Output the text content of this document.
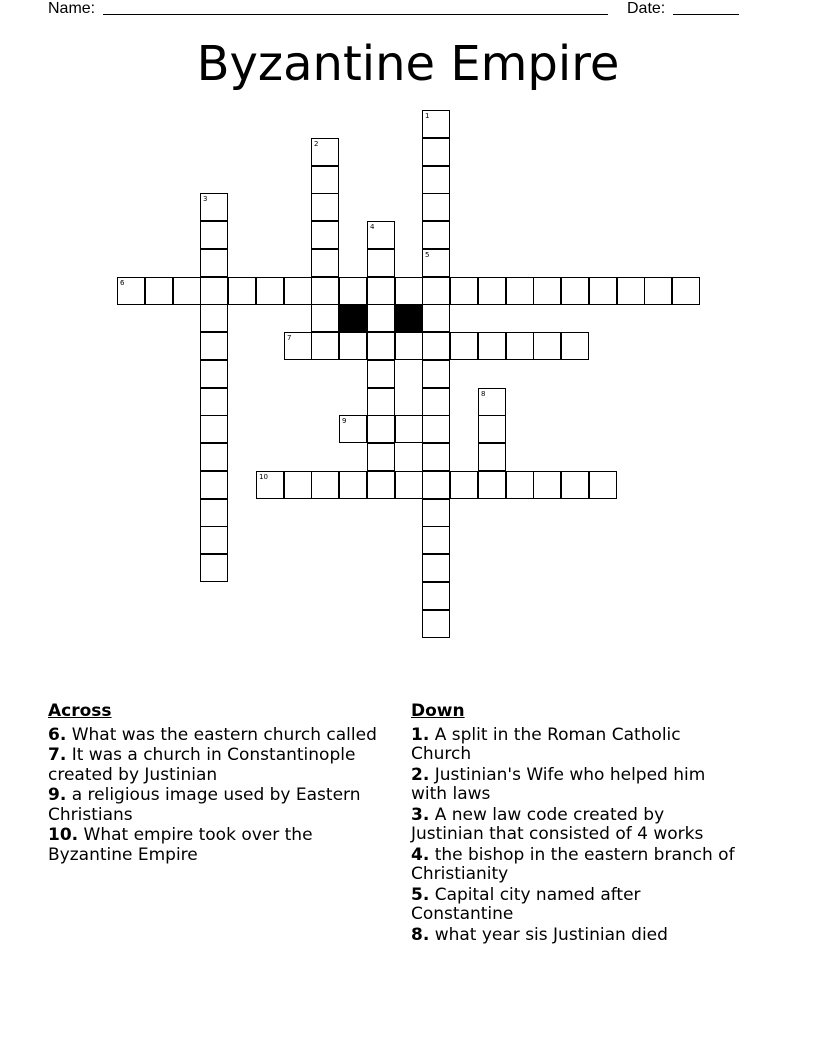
Name:	Date:
Byzantine Empire
1
5
2
3
4
6
7
8
9
10
Across
6. What was the eastern church called
7. It was a church in Constantinople created by Justinian
9. a religious image used by Eastern Christians
10. What empire took over the Byzantine Empire
Down
1. A split in the Roman Catholic Church
2. Justinian's Wife who helped him with laws
3. A new law code created by Justinian that consisted of 4 works
4. the bishop in the eastern branch of Christianity
5. Capital city named after Constantine
8. what year sis Justinian died
